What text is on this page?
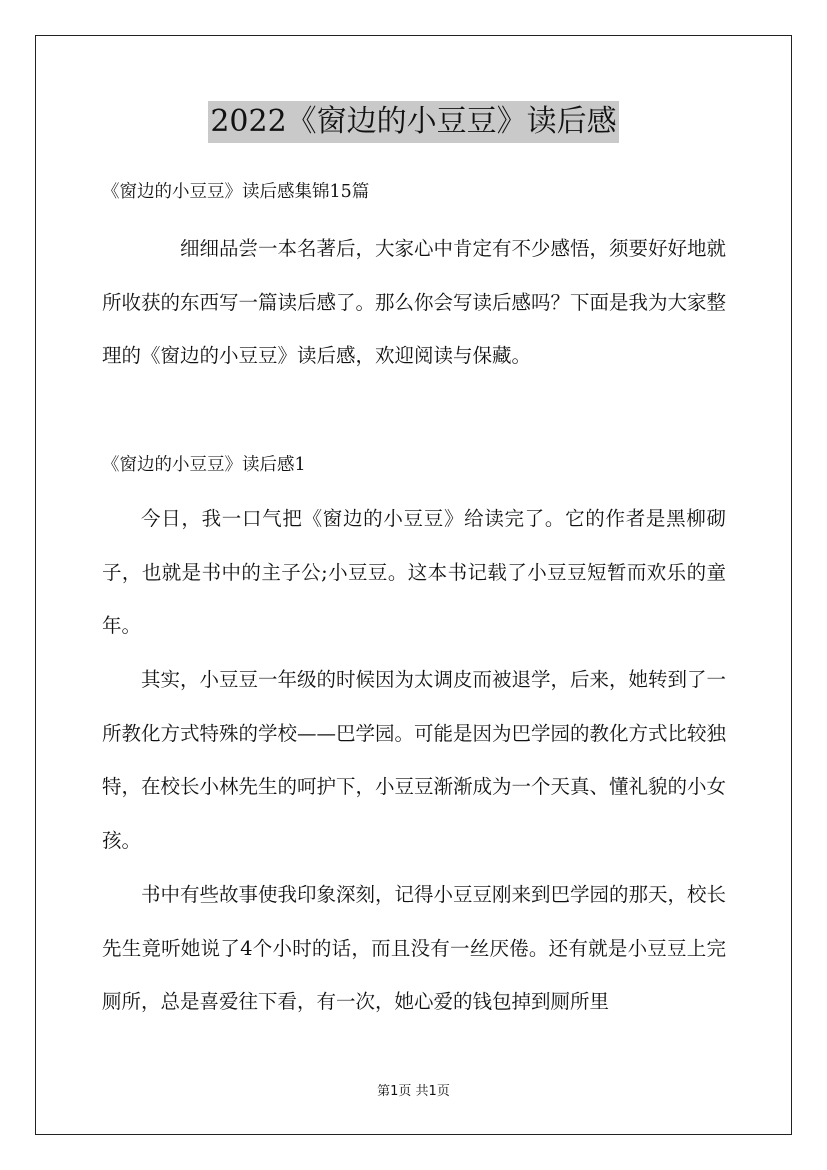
2022《窗边的小豆豆》读后感
《窗边的小豆豆》读后感集锦15篇
细细品尝一本名著后，大家心中肯定有不少感悟，须要好好地就所收获的东西写一篇读后感了。那么你会写读后感吗？下面是我为大家整理的《窗边的小豆豆》读后感，欢迎阅读与保藏。
《窗边的小豆豆》读后感1
今日，我一口气把《窗边的小豆豆》给读完了。它的作者是黑柳砌子，也就是书中的主子公;小豆豆。这本书记载了小豆豆短暂而欢乐的童年。
其实，小豆豆一年级的时候因为太调皮而被退学，后来，她转到了一所教化方式特殊的学校——巴学园。可能是因为巴学园的教化方式比较独特，在校长小林先生的呵护下，小豆豆渐渐成为一个天真、懂礼貌的小女孩。
书中有些故事使我印象深刻，记得小豆豆刚来到巴学园的那天，校长先生竟听她说了4个小时的话，而且没有一丝厌倦。还有就是小豆豆上完厕所，总是喜爱往下看，有一次，她心爱的钱包掉到厕所里
第1页 共1页
